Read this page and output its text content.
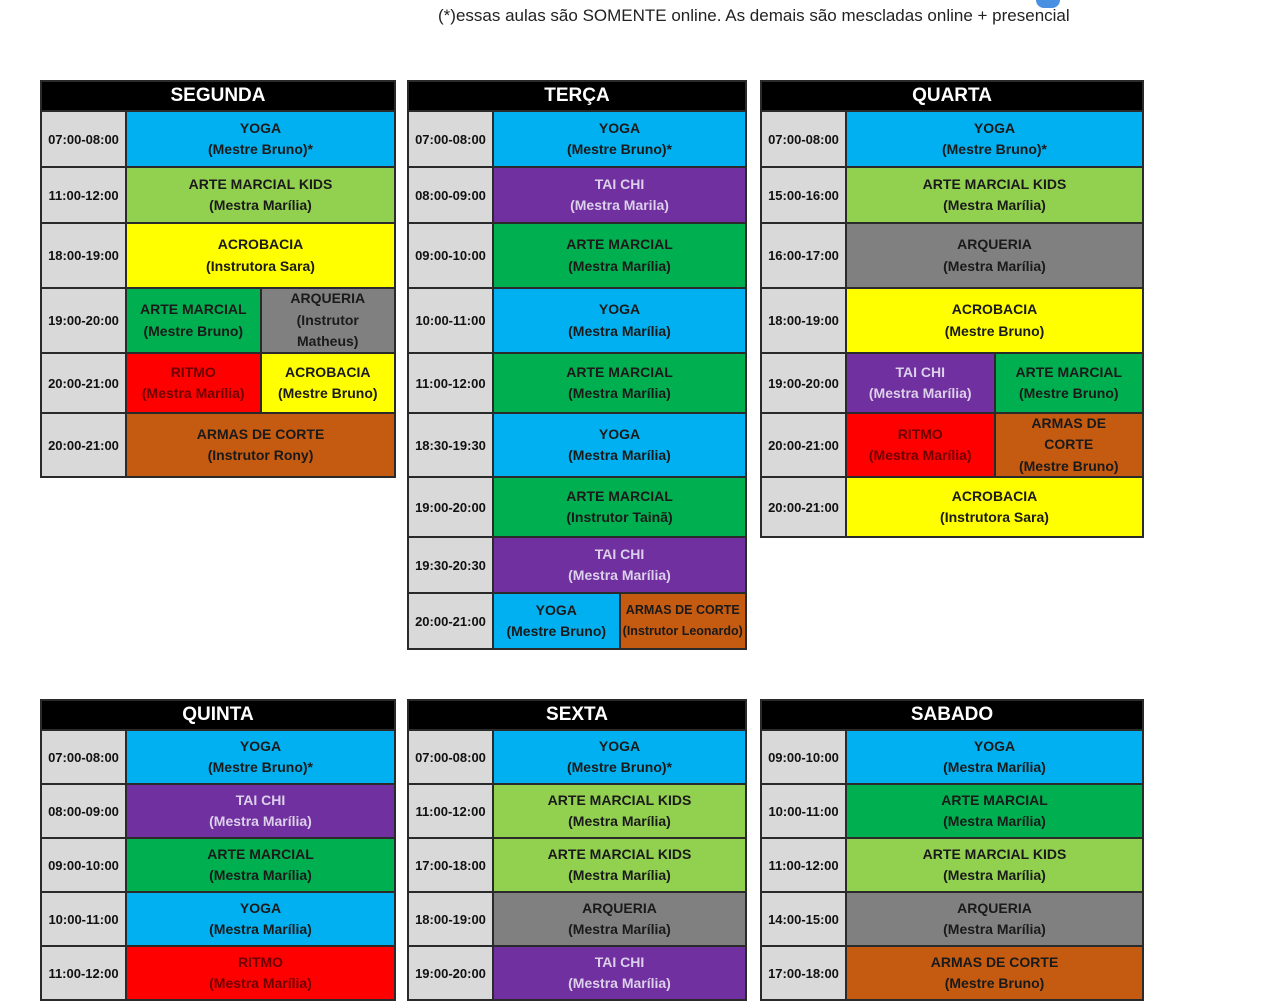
(*)essas aulas são SOMENTE online. As demais são mescladas online + presencial
SEGUNDA
07:00-08:00
YOGA
(Mestre Bruno)*
11:00-12:00
ARTE MARCIAL KIDS
(Mestra Marília)
18:00-19:00
ACROBACIA
(Instrutora Sara)
19:00-20:00
ARTE MARCIAL
(Mestre Bruno)
ARQUERIA
(Instrutor
Matheus)
20:00-21:00
RITMO
(Mestra Marília)
ACROBACIA
(Mestre Bruno)
20:00-21:00
ARMAS DE CORTE
(Instrutor Rony)
TERÇA
07:00-08:00
YOGA
(Mestre Bruno)*
08:00-09:00
TAI CHI
(Mestra Marila)
09:00-10:00
ARTE MARCIAL
(Mestra Marília)
10:00-11:00
YOGA
(Mestra Marília)
11:00-12:00
ARTE MARCIAL
(Mestra Marília)
18:30-19:30
YOGA
(Mestra Marília)
19:00-20:00
ARTE MARCIAL
(Instrutor Tainã)
19:30-20:30
TAI CHI
(Mestra Marília)
20:00-21:00
YOGA
(Mestre Bruno)
ARMAS DE CORTE
(Instrutor Leonardo)
QUARTA
07:00-08:00
YOGA
(Mestre Bruno)*
15:00-16:00
ARTE MARCIAL KIDS
(Mestra Marília)
16:00-17:00
ARQUERIA
(Mestra Marília)
18:00-19:00
ACROBACIA
(Mestre Bruno)
19:00-20:00
TAI CHI
(Mestra Marília)
ARTE MARCIAL
(Mestre Bruno)
20:00-21:00
RITMO
(Mestra Marília)
ARMAS DE
CORTE
(Mestre Bruno)
20:00-21:00
ACROBACIA
(Instrutora Sara)
QUINTA
07:00-08:00
YOGA
(Mestre Bruno)*
08:00-09:00
TAI CHI
(Mestra Marília)
09:00-10:00
ARTE MARCIAL
(Mestra Marília)
10:00-11:00
YOGA
(Mestra Marília)
11:00-12:00
RITMO
(Mestra Marília)
SEXTA
07:00-08:00
YOGA
(Mestre Bruno)*
11:00-12:00
ARTE MARCIAL KIDS
(Mestra Marília)
17:00-18:00
ARTE MARCIAL KIDS
(Mestra Marília)
18:00-19:00
ARQUERIA
(Mestra Marília)
19:00-20:00
TAI CHI
(Mestra Marília)
SABADO
09:00-10:00
YOGA
(Mestra Marília)
10:00-11:00
ARTE MARCIAL
(Mestra Marília)
11:00-12:00
ARTE MARCIAL KIDS
(Mestra Marília)
14:00-15:00
ARQUERIA
(Mestra Marília)
17:00-18:00
ARMAS DE CORTE
(Mestre Bruno)
